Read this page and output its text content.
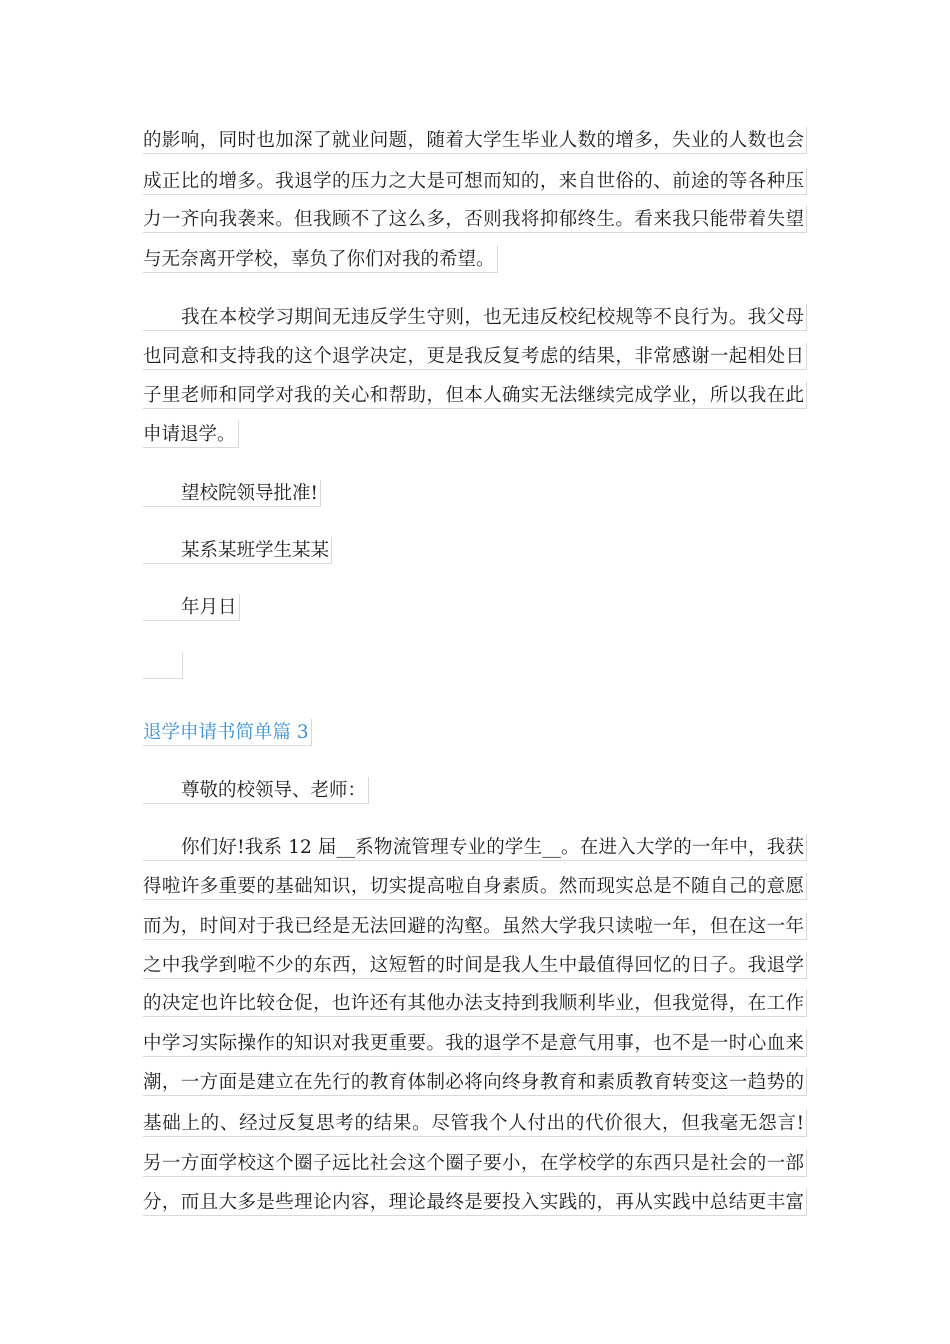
的影响，同时也加深了就业问题，随着大学生毕业人数的增多，失业的人数也会
成正比的增多。我退学的压力之大是可想而知的，来自世俗的、前途的等各种压
力一齐向我袭来。但我顾不了这么多，否则我将抑郁终生。看来我只能带着失望
与无奈离开学校，辜负了你们对我的希望。
我在本校学习期间无违反学生守则，也无违反校纪校规等不良行为。我父母
也同意和支持我的这个退学决定，更是我反复考虑的结果，非常感谢一起相处日
子里老师和同学对我的关心和帮助，但本人确实无法继续完成学业，所以我在此
申请退学。
望校院领导批准!
某系某班学生某某
年月日
退学申请书简单篇 3
尊敬的校领导、老师：
你们好!我系 12 届__系物流管理专业的学生__。在进入大学的一年中，我获
得啦许多重要的基础知识，切实提高啦自身素质。然而现实总是不随自己的意愿
而为，时间对于我已经是无法回避的沟壑。虽然大学我只读啦一年，但在这一年
之中我学到啦不少的东西，这短暂的时间是我人生中最值得回忆的日子。我退学
的决定也许比较仓促，也许还有其他办法支持到我顺利毕业，但我觉得，在工作
中学习实际操作的知识对我更重要。我的退学不是意气用事，也不是一时心血来
潮，一方面是建立在先行的教育体制必将向终身教育和素质教育转变这一趋势的
基础上的、经过反复思考的结果。尽管我个人付出的代价很大，但我毫无怨言!
另一方面学校这个圈子远比社会这个圈子要小，在学校学的东西只是社会的一部
分，而且大多是些理论内容，理论最终是要投入实践的，再从实践中总结更丰富
